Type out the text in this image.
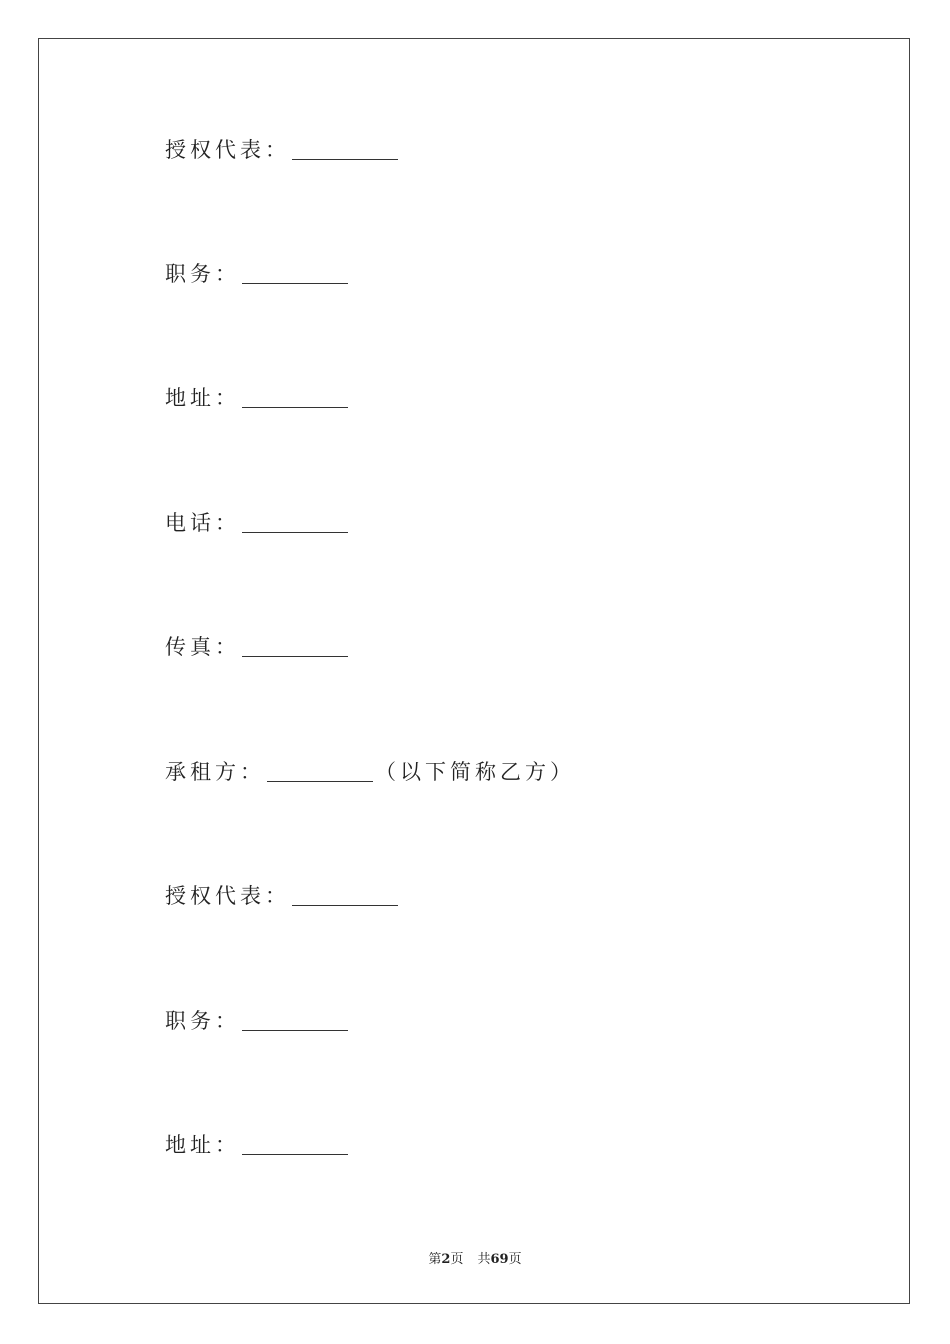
授权代表：
职务：
地址：
电话：
传真：
承租方：	（以下简称乙方）
授权代表：
职务：
地址：
第2页 共69页
